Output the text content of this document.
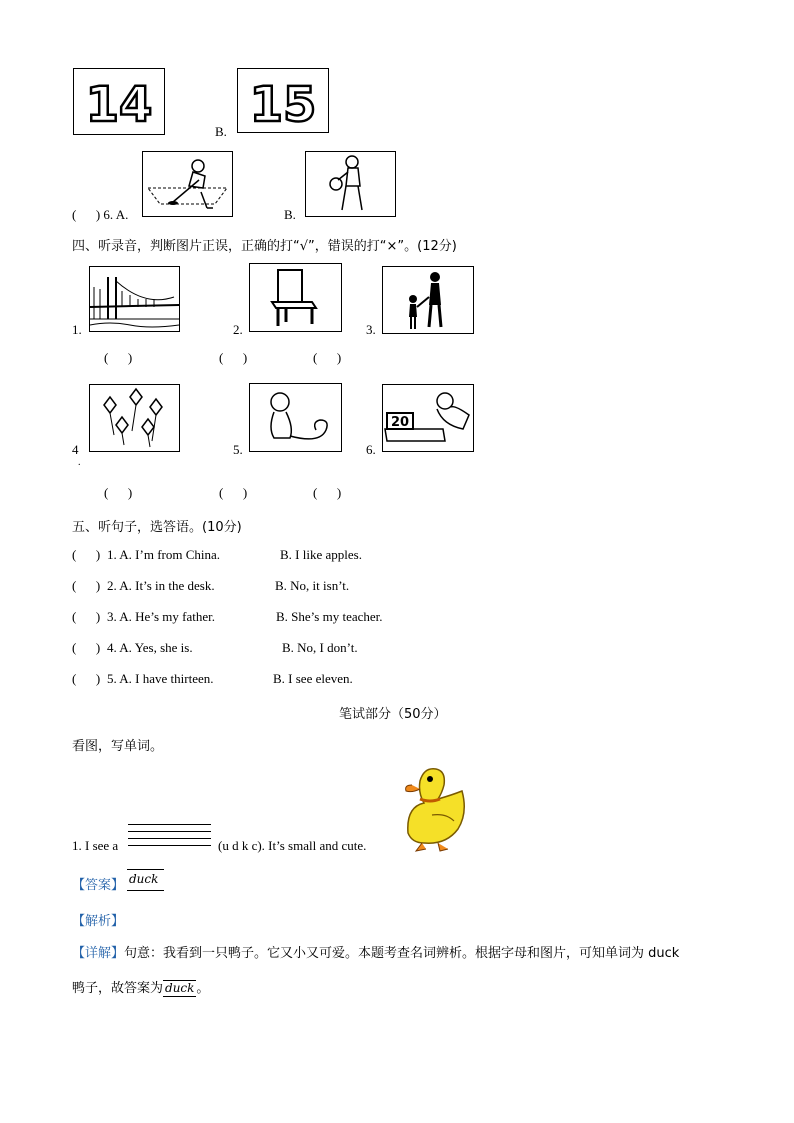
14	B. 15
(      ) 6. A.	B.
四、听录音，判断图片正误，正确的打“√”，错误的打“×”。(12分)
1.	2.	3.
(      )	(      )	(      )
4
.
5.	6.
20
(      )	(      )	(      )
五、听句子，选答语。(10分)
(      ) 1. A. I’m from China.	B. I like apples.
(      ) 2. A. It’s in the desk.	B. No, it isn’t.
(      ) 3. A. He’s my father.	B. She’s my teacher.
(      ) 4. A. Yes, she is.	B. No, I don’t.
(      ) 5. A. I have thirteen.	B. I see eleven.
笔试部分（50分）
看图，写单词。
1. I see a	(u d k c). It’s small and cute.
【答案】 duck
【解析】
【详解】句意：我看到一只鸭子。它又小又可爱。本题考查名词辨析。根据字母和图片，可知单词为 duck
鸭子，故答案为 duck 。
